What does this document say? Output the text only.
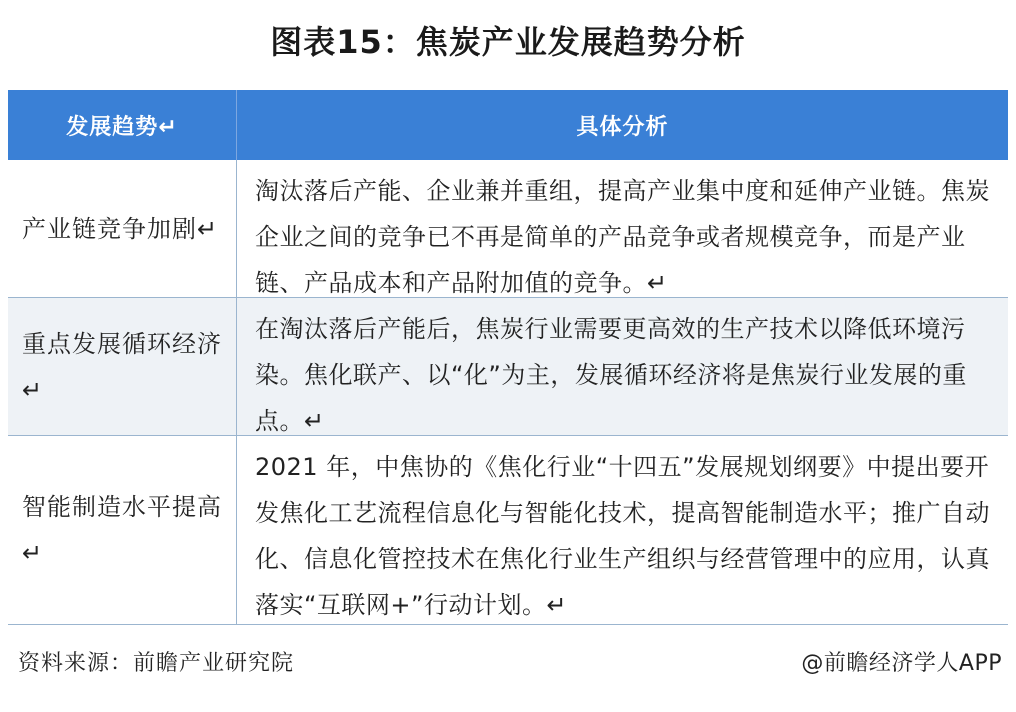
图表15：焦炭产业发展趋势分析
发展趋势↵	具体分析
产业链竞争加剧↵
淘汰落后产能、企业兼并重组，提高产业集中度和延伸产业链。焦炭企业之间的竞争已不再是简单的产品竞争或者规模竞争，而是产业链、产品成本和产品附加值的竞争。↵
重点发展循环经济↵
在淘汰落后产能后，焦炭行业需要更高效的生产技术以降低环境污染。焦化联产、以“化”为主，发展循环经济将是焦炭行业发展的重点。↵
智能制造水平提高↵
2021 年，中焦协的《焦化行业“十四五”发展规划纲要》中提出要开发焦化工艺流程信息化与智能化技术，提高智能制造水平；推广自动化、信息化管控技术在焦化行业生产组织与经营管理中的应用，认真落实“互联网+”行动计划。↵
资料来源：前瞻产业研究院	@前瞻经济学人APP
